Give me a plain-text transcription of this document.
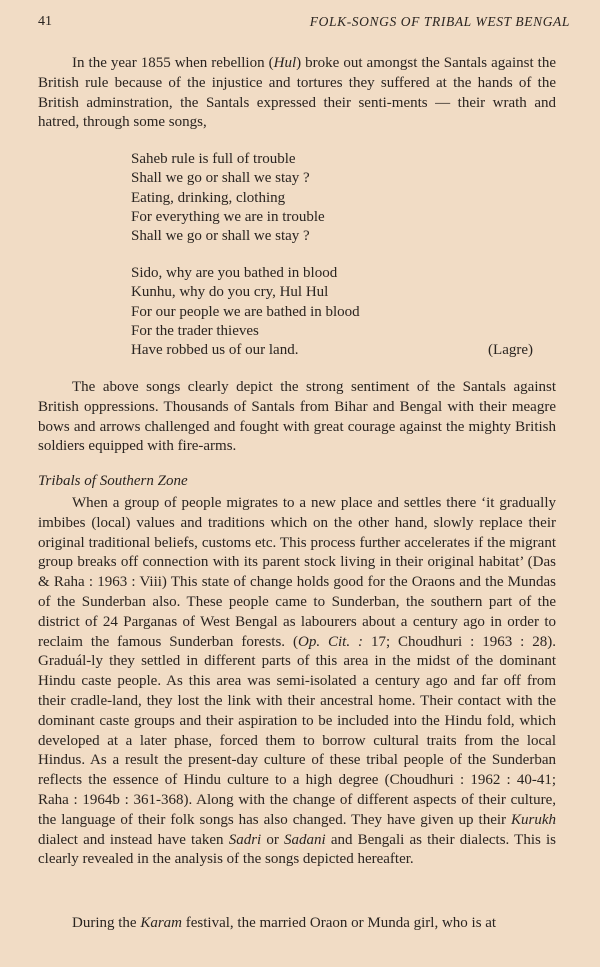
41	FOLK-SONGS OF TRIBAL WEST BENGAL

In the year 1855 when rebellion (Hul) broke out amongst the Santals against the British rule because of the injustice and tortures they suffered at the hands of the British adminstration, the Santals expressed their senti-ments — their wrath and hatred, through some songs,

Saheb rule is full of trouble
Shall we go or shall we stay ?
Eating, drinking, clothing
For everything we are in trouble
Shall we go or shall we stay ?
Sido, why are you bathed in blood
Kunhu, why do you cry, Hul Hul
For our people we are bathed in blood
For the trader thieves
Have robbed us of our land.	(Lagre)

The above songs clearly depict the strong sentiment of the Santals against British oppressions. Thousands of Santals from Bihar and Bengal with their meagre bows and arrows challenged and fought with great courage against the mighty British soldiers equipped with fire-arms.

Tribals of Southern Zone

When a group of people migrates to a new place and settles there ‘it gradually imbibes (local) values and traditions which on the other hand, slowly replace their original traditional beliefs, customs etc. This process further accelerates if the migrant group breaks off connection with its parent stock living in their original habitat’ (Das & Raha : 1963 : Viii) This state of change holds good for the Oraons and the Mundas of the Sunderban also. These people came to Sunderban, the southern part of the district of 24 Parganas of West Bengal as labourers about a century ago in order to reclaim the famous Sunderban forests. (Op. Cit. : 17; Choudhuri : 1963 : 28). Graduál-ly they settled in different parts of this area in the midst of the dominant Hindu caste people. As this area was semi-isolated a century ago and far off from their cradle-land, they lost the link with their ancestral home. Their contact with the dominant caste groups and their aspiration to be included into the Hindu fold, which developed at a later phase, forced them to borrow cultural traits from the local Hindus. As a result the present-day culture of these tribal people of the Sunderban reflects the essence of Hindu culture to a high degree (Choudhuri : 1962 : 40-41; Raha : 1964b : 361-368). Along with the change of different aspects of their culture, the language of their folk songs has also changed. They have given up their Kurukh dialect and instead have taken Sadri or Sadani and Bengali as their dialects. This is clearly revealed in the analysis of the songs depicted hereafter.

During the Karam festival, the married Oraon or Munda girl, who is at
